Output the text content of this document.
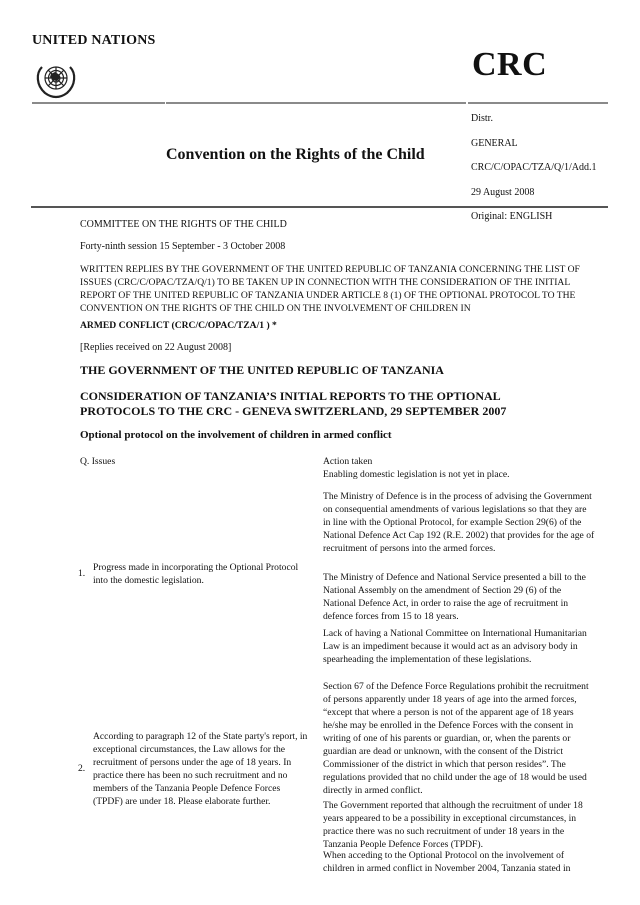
UNITED NATIONS
CRC
Convention on the Rights of the Child
Distr.
GENERAL
CRC/C/OPAC/TZA/Q/1/Add.1
29 August 2008
Original: ENGLISH
COMMITTEE ON THE RIGHTS OF THE CHILD
Forty-ninth session 15 September - 3 October 2008
WRITTEN REPLIES BY THE GOVERNMENT OF THE UNITED REPUBLIC OF TANZANIA CONCERNING THE LIST OF ISSUES (CRC/C/OPAC/TZA/Q/1) TO BE TAKEN UP IN CONNECTION WITH THE CONSIDERATION OF THE INITIAL REPORT OF THE UNITED REPUBLIC OF TANZANIA UNDER ARTICLE 8 (1) OF THE OPTIONAL PROTOCOL TO THE CONVENTION ON THE RIGHTS OF THE CHILD ON THE INVOLVEMENT OF CHILDREN IN
ARMED CONFLICT (CRC/C/OPAC/TZA/1 ) *
[Replies received on 22 August 2008]
THE GOVERNMENT OF THE UNITED REPUBLIC OF TANZANIA
CONSIDERATION OF TANZANIA’S INITIAL REPORTS TO THE OPTIONAL PROTOCOLS TO THE CRC - GENEVA SWITZERLAND, 29 SEPTEMBER 2007
Optional protocol on the involvement of children in armed conflict
Q. Issues	Action taken
1.

Progress made in incorporating the Optional Protocol into the domestic legislation.

Enabling domestic legislation is not yet in place.

The Ministry of Defence is in the process of advising the Government on consequential amendments of various legislations so that they are in line with the Optional Protocol, for example Section 29(6) of the National Defence Act Cap 192 (R.E. 2002) that provides for the age of recruitment of persons into the armed forces.

The Ministry of Defence and National Service presented a bill to the National Assembly on the amendment of Section 29 (6) of the National Defence Act, in order to raise the age of recruitment in defence forces from 15 to 18 years.

Lack of having a National Committee on International Humanitarian Law is an impediment because it would act as an advisory body in spearheading the implementation of these legislations.

2.

According to paragraph 12 of the State party's report, in exceptional circumstances, the Law allows for the recruitment of persons under the age of 18 years. In practice there has been no such recruitment and no members of the Tanzania People Defence Forces (TPDF) are under 18. Please elaborate further.

Section 67 of the Defence Force Regulations prohibit the recruitment of persons apparently under 18 years of age into the armed forces, “except that where a person is not of the apparent age of 18 years he/she may be enrolled in the Defence Forces with the consent in writing of one of his parents or guardian, or, when the parents or guardian are dead or unknown, with the consent of the District Commissioner of the district in which that person resides”. The regulations provided that no child under the age of 18 would be used directly in armed conflict.

The Government reported that although the recruitment of under 18 years appeared to be a possibility in exceptional circumstances, in practice there was no such recruitment of under 18 years in the Tanzania People Defence Forces (TPDF).

When acceding to the Optional Protocol on the involvement of children in armed conflict in November 2004, Tanzania stated in
